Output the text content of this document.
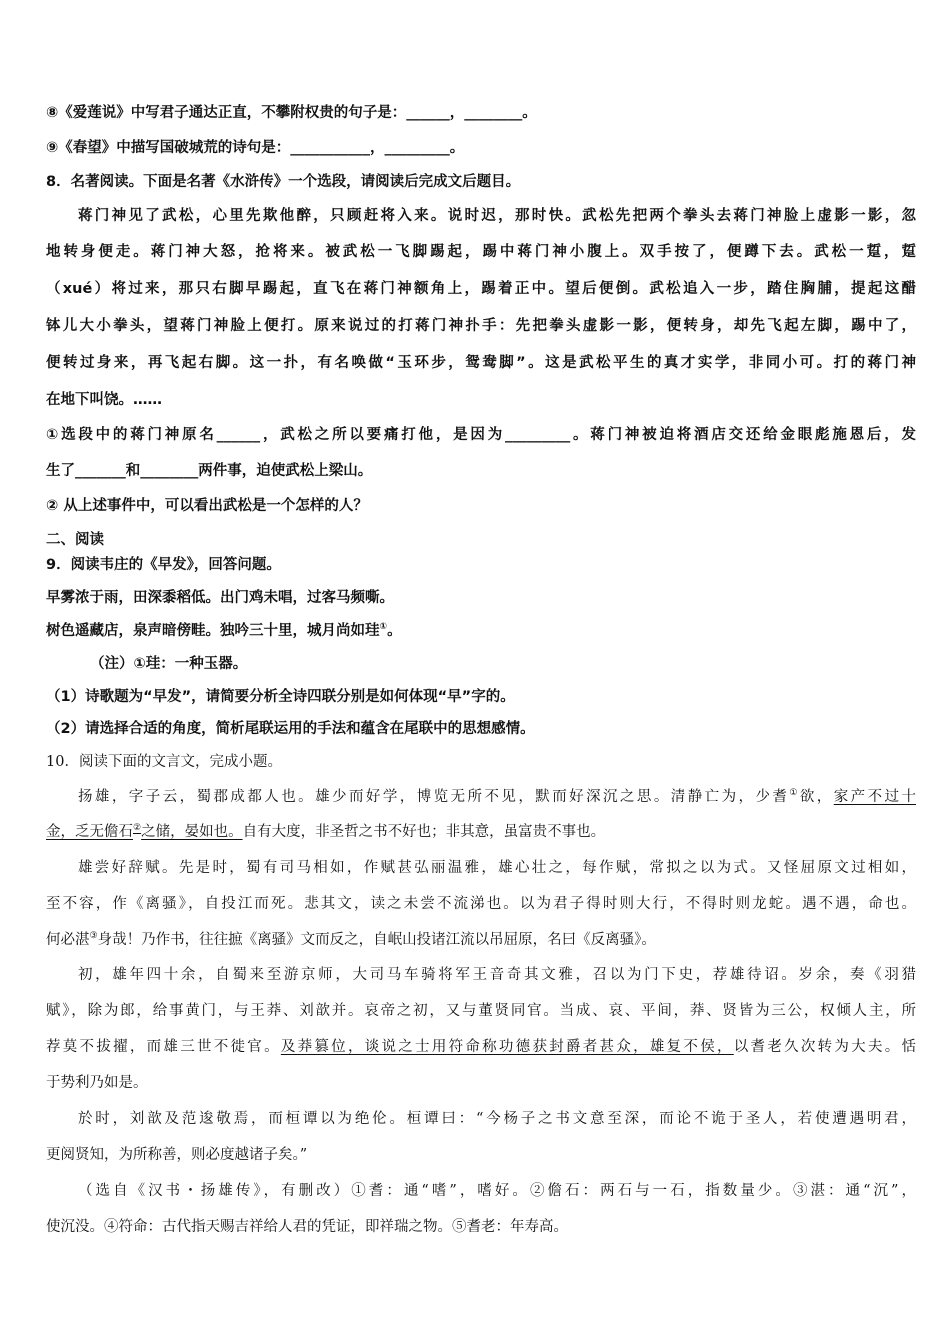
⑧《爱莲说》中写君子通达正直，不攀附权贵的句子是：______，________。
⑨《春望》中描写国破城荒的诗句是：___________，_________。
8．名著阅读。下面是名著《水浒传》一个选段，请阅读后完成文后题目。
蒋门神见了武松，心里先欺他醉，只顾赶将入来。说时迟，那时快。武松先把两个拳头去蒋门神脸上虚影一影，忽
地转身便走。蒋门神大怒，抢将来。被武松一飞脚踢起，踢中蒋门神小腹上。双手按了，便蹲下去。武松一踅，踅
（xué）将过来，那只右脚早踢起，直飞在蒋门神额角上，踢着正中。望后便倒。武松追入一步，踏住胸脯，提起这醋
钵儿大小拳头，望蒋门神脸上便打。原来说过的打蒋门神扑手：先把拳头虚影一影，便转身，却先飞起左脚，踢中了，
便转过身来，再飞起右脚。这一扑，有名唤做“玉环步，鸳鸯脚”。这是武松平生的真才实学，非同小可。打的蒋门神
在地下叫饶。……
①选段中的蒋门神原名______，武松之所以要痛打他，是因为_________。蒋门神被迫将酒店交还给金眼彪施恩后，发
生了_______和________两件事，迫使武松上梁山。
② 从上述事件中，可以看出武松是一个怎样的人？
二、阅读
9．阅读韦庄的《早发》，回答问题。
早雾浓于雨，田深黍稻低。出门鸡未唱，过客马频嘶。
树色遥藏店，泉声暗傍畦。独吟三十里，城月尚如珪①。
（注）①珪：一种玉器。
（1）诗歌题为“早发”，请简要分析全诗四联分别是如何体现“早”字的。
（2）请选择合适的角度，简析尾联运用的手法和蕴含在尾联中的思想感情。
10．阅读下面的文言文，完成小题。
扬雄，字子云，蜀郡成都人也。雄少而好学，博览无所不见，默而好深沉之思。清静亡为，少耆①欲，家产不过十
金，乏无儋石②之储，晏如也。自有大度，非圣哲之书不好也；非其意，虽富贵不事也。
雄尝好辞赋。先是时，蜀有司马相如，作赋甚弘丽温雅，雄心壮之，每作赋，常拟之以为式。又怪屈原文过相如，
至不容，作《离骚》，自投江而死。悲其文，读之未尝不流涕也。以为君子得时则大行，不得时则龙蛇。遇不遇，命也。
何必湛③身哉！乃作书，往往摭《离骚》文而反之，自岷山投诸江流以吊屈原，名曰《反离骚》。
初，雄年四十余，自蜀来至游京师，大司马车骑将军王音奇其文雅，召以为门下史，荐雄待诏。岁余，奏《羽猎
赋》，除为郎，给事黄门，与王莽、刘歆并。哀帝之初，又与董贤同官。当成、哀、平间，莽、贤皆为三公，权倾人主，所
荐莫不拔擢，而雄三世不徙官。及莽篡位，谈说之士用符命称功德获封爵者甚众，雄复不侯，以耆老久次转为大夫。恬
于势利乃如是。
於时，刘歆及范逡敬焉，而桓谭以为绝伦。桓谭曰：“今杨子之书文意至深，而论不诡于圣人，若使遭遇明君，
更阅贤知，为所称善，则必度越诸子矣。”
（选自《汉书・扬雄传》，有删改）①耆：通“嗜”，嗜好。②儋石：两石与一石，指数量少。③湛：通“沉”，
使沉没。④符命：古代指天赐吉祥给人君的凭证，即祥瑞之物。⑤耆老：年寿高。
